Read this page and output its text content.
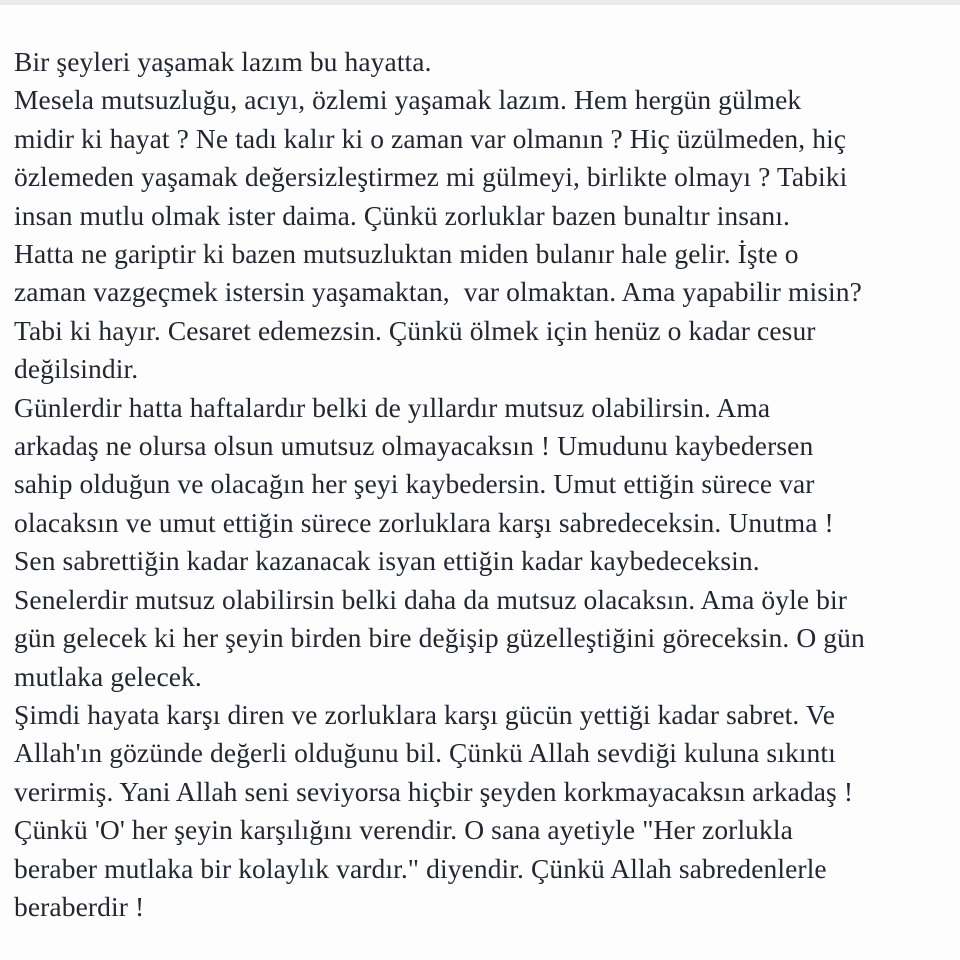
Bir şeyleri yaşamak lazım bu hayatta.
Mesela mutsuzluğu, acıyı, özlemi yaşamak lazım. Hem hergün gülmek
midir ki hayat ? Ne tadı kalır ki o zaman var olmanın ? Hiç üzülmeden, hiç
özlemeden yaşamak değersizleştirmez mi gülmeyi, birlikte olmayı ? Tabiki
insan mutlu olmak ister daima. Çünkü zorluklar bazen bunaltır insanı.
Hatta ne gariptir ki bazen mutsuzluktan miden bulanır hale gelir. İşte o
zaman vazgeçmek istersin yaşamaktan,  var olmaktan. Ama yapabilir misin?
Tabi ki hayır. Cesaret edemezsin. Çünkü ölmek için henüz o kadar cesur
değilsindir.
Günlerdir hatta haftalardır belki de yıllardır mutsuz olabilirsin. Ama
arkadaş ne olursa olsun umutsuz olmayacaksın ! Umudunu kaybedersen
sahip olduğun ve olacağın her şeyi kaybedersin. Umut ettiğin sürece var
olacaksın ve umut ettiğin sürece zorluklara karşı sabredeceksin. Unutma !
Sen sabrettiğin kadar kazanacak isyan ettiğin kadar kaybedeceksin.
Senelerdir mutsuz olabilirsin belki daha da mutsuz olacaksın. Ama öyle bir
gün gelecek ki her şeyin birden bire değişip güzelleştiğini göreceksin. O gün
mutlaka gelecek.
Şimdi hayata karşı diren ve zorluklara karşı gücün yettiği kadar sabret. Ve
Allah'ın gözünde değerli olduğunu bil. Çünkü Allah sevdiği kuluna sıkıntı
verirmiş. Yani Allah seni seviyorsa hiçbir şeyden korkmayacaksın arkadaş !
Çünkü 'O' her şeyin karşılığını verendir. O sana ayetiyle "Her zorlukla
beraber mutlaka bir kolaylık vardır." diyendir. Çünkü Allah sabredenlerle
beraberdir !
